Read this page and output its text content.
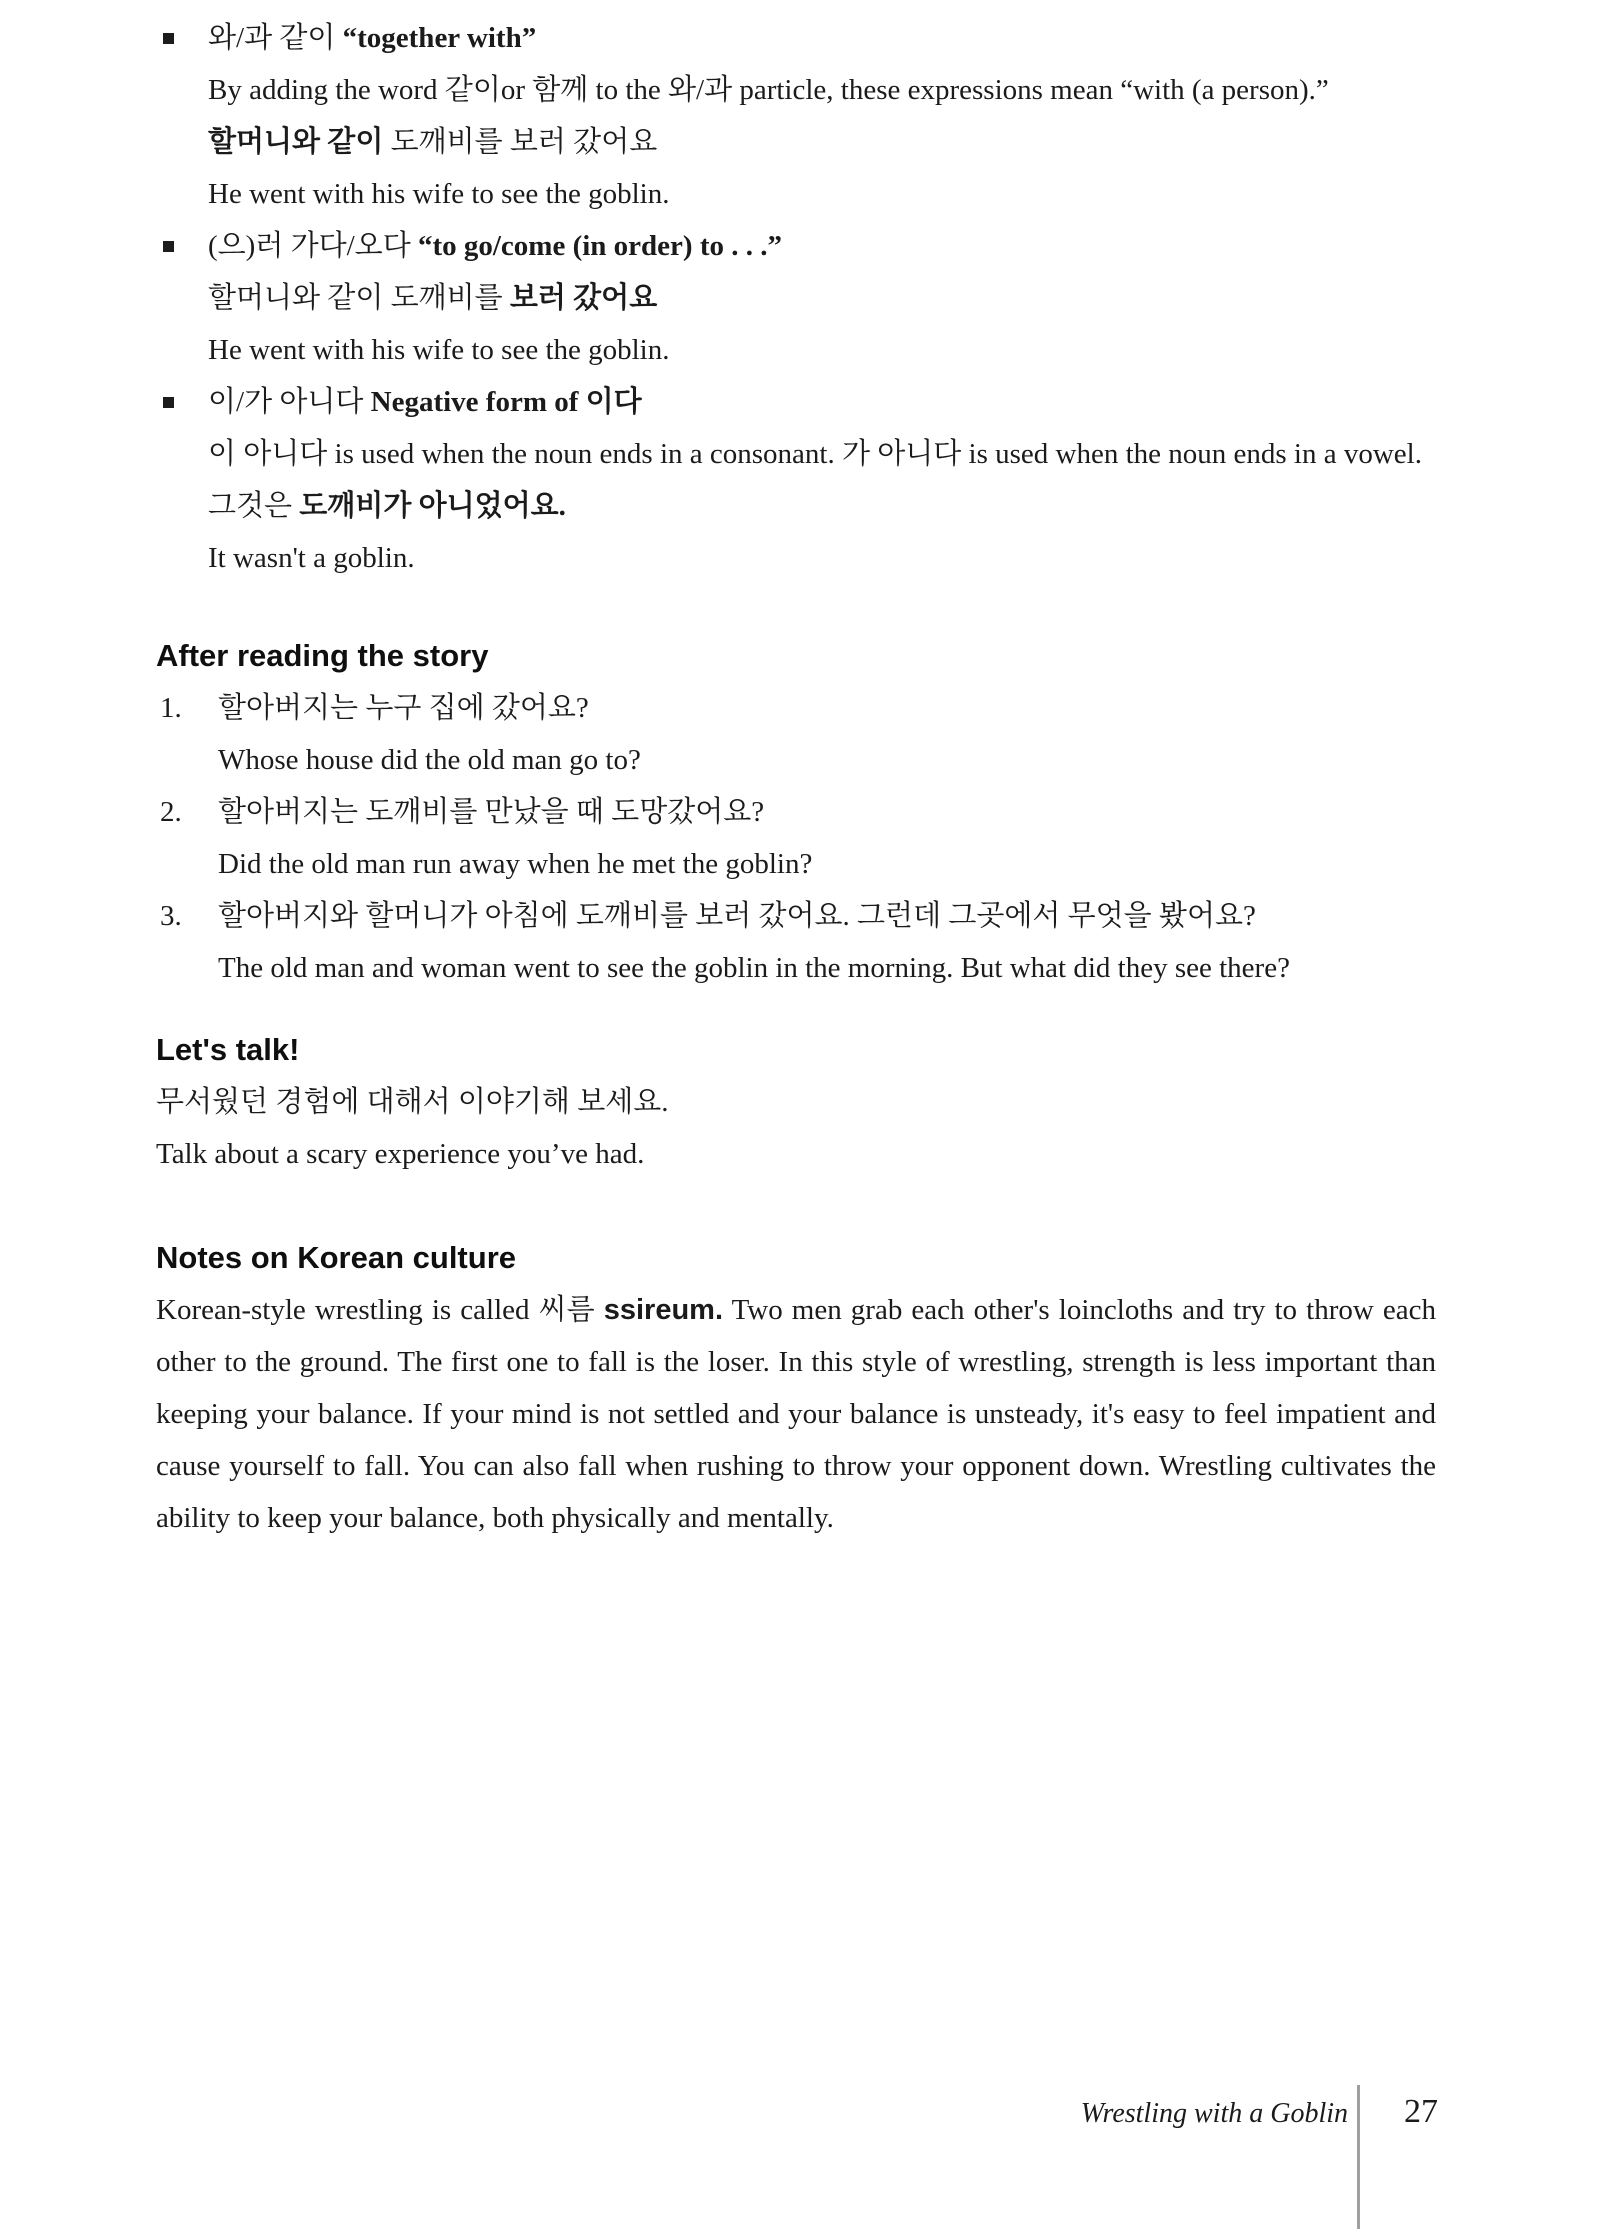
와/과 같이 “together with”

By adding the word 같이or 함께 to the 와/과 particle, these expressions mean “with (a person).”

할머니와 같이 도깨비를 보러 갔어요

He went with his wife to see the goblin.

(으)러 가다/오다 “to go/come (in order) to . . .”

할머니와 같이 도깨비를 보러 갔어요

He went with his wife to see the goblin.

이/가 아니다 Negative form of 이다

이 아니다 is used when the noun ends in a consonant. 가 아니다 is used when the noun ends in a vowel.

그것은 도깨비가 아니었어요.

It wasn't a goblin.

After reading the story
1.	할아버지는 누구 집에 갔어요?

Whose house did the old man go to?

2.	할아버지는 도깨비를 만났을 때 도망갔어요?

Did the old man run away when he met the goblin?

3.	할아버지와 할머니가 아침에 도깨비를 보러 갔어요. 그런데 그곳에서 무엇을 봤어요?

The old man and woman went to see the goblin in the morning. But what did they see there?

Let's talk!

무서웠던 경험에 대해서 이야기해 보세요.

Talk about a scary experience you’ve had.

Notes on Korean culture

Korean-style wrestling is called 씨름 ssireum. Two men grab each other's loincloths and try to throw each other to the ground. The first one to fall is the loser. In this style of wrestling, strength is less important than keeping your balance. If your mind is not settled and your balance is unsteady, it's easy to feel impatient and cause yourself to fall. You can also fall when rushing to throw your opponent down. Wrestling cultivates the ability to keep your balance, both physically and mentally.

Wrestling with a Goblin 27
